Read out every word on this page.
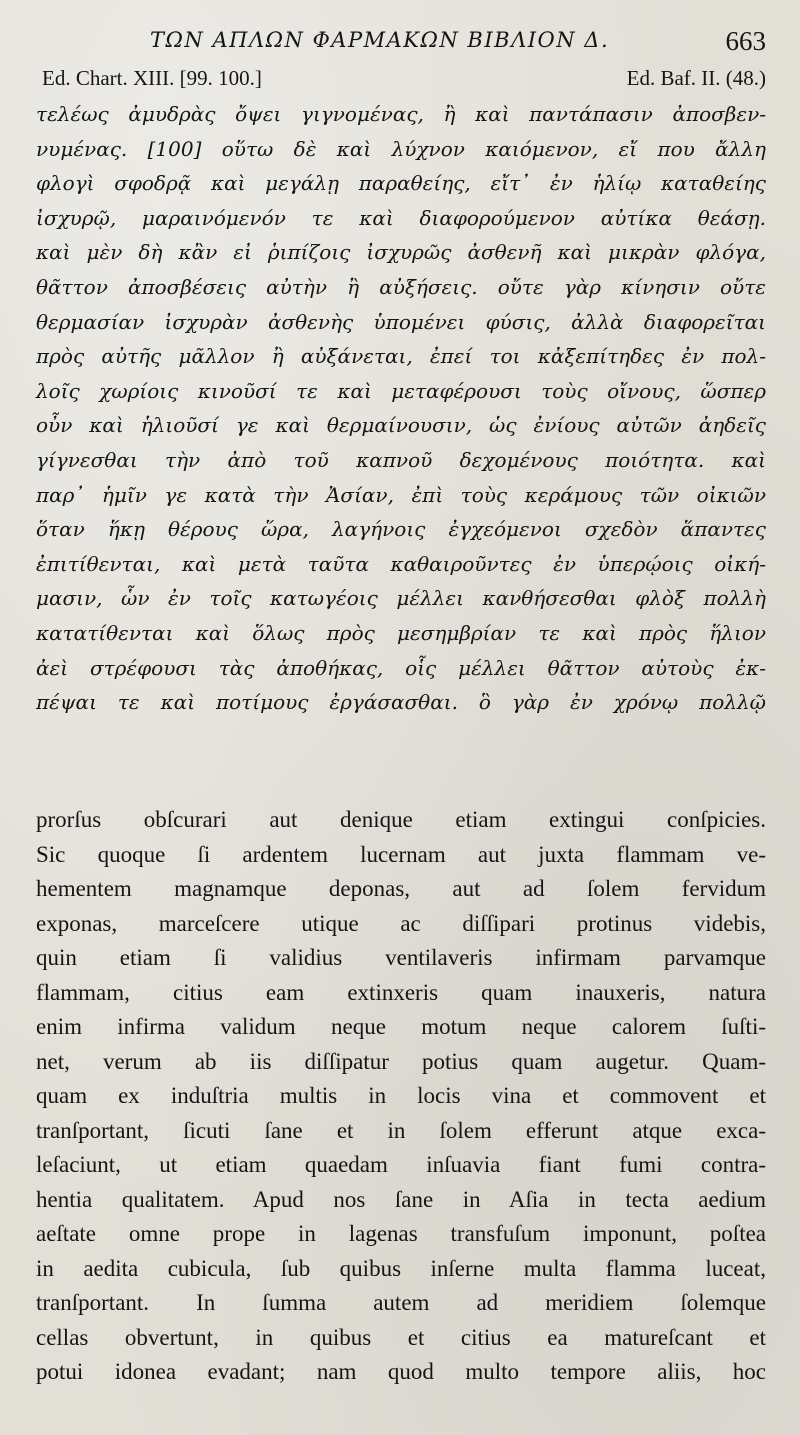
ΤΩΝ ΑΠΛΩΝ ΦΑΡΜΑΚΩΝ ΒΙΒΛΙΟΝ Δ.	663
Ed. Chart. XIII. [99. 100.]	Ed. Baf. II. (48.)
τελέως ἀμυδρὰς ὄψει γιγνομένας, ἢ καὶ παντάπασιν ἀποσβεν-
νυμένας. [100] οὕτω δὲ καὶ λύχνον καιόμενον, εἴ που ἄλλη
φλογὶ σφοδρᾷ καὶ μεγάλῃ παραθείης, εἴτ᾽ ἐν ἡλίῳ καταθείης
ἰσχυρῷ, μαραινόμενόν τε καὶ διαφορούμενον αὐτίκα θεάσῃ.
καὶ μὲν δὴ κἂν εἰ ῥιπίζοις ἰσχυρῶς ἀσθενῆ καὶ μικρὰν φλόγα,
θᾶττον ἀποσβέσεις αὐτὴν ἢ αὐξήσεις. οὔτε γὰρ κίνησιν οὔτε
θερμασίαν ἰσχυρὰν ἀσθενὴς ὑπομένει φύσις, ἀλλὰ διαφορεῖται
πρὸς αὐτῆς μᾶλλον ἢ αὐξάνεται, ἐπεί τοι κἀξεπίτηδες ἐν πολ-
λοῖς χωρίοις κινοῦσί τε καὶ μεταφέρουσι τοὺς οἴνους, ὥσπερ
οὖν καὶ ἡλιοῦσί γε καὶ θερμαίνουσιν, ὡς ἐνίους αὐτῶν ἀηδεῖς
γίγνεσθαι τὴν ἀπὸ τοῦ καπνοῦ δεχομένους ποιότητα. καὶ
παρ᾽ ἡμῖν γε κατὰ τὴν Ἀσίαν, ἐπὶ τοὺς κεράμους τῶν οἰκιῶν
ὅταν ἥκῃ θέρους ὥρα, λαγήνοις ἐγχεόμενοι σχεδὸν ἅπαντες
ἐπιτίθενται, καὶ μετὰ ταῦτα καθαιροῦντες ἐν ὑπερῴοις οἰκή-
μασιν, ὧν ἐν τοῖς κατωγέοις μέλλει κανθήσεσθαι φλὸξ πολλὴ
κατατίθενται καὶ ὅλως πρὸς μεσημβρίαν τε καὶ πρὸς ἥλιον
ἀεὶ στρέφουσι τὰς ἀποθήκας, οἷς μέλλει θᾶττον αὐτοὺς ἐκ-
πέψαι τε καὶ ποτίμους ἐργάσασθαι. ὃ γὰρ ἐν χρόνῳ πολλῷ
prorſus obſcurari aut denique etiam extingui conſpicies.
Sic quoque ſi ardentem lucernam aut juxta flammam ve-
hementem magnamque deponas, aut ad ſolem fervidum
exponas, marceſcere utique ac diſſipari protinus videbis,
quin etiam ſi validius ventilaveris infirmam parvamque
flammam, citius eam extinxeris quam inauxeris, natura
enim infirma validum neque motum neque calorem ſuſti-
net, verum ab iis diſſipatur potius quam augetur. Quam-
quam ex induſtria multis in locis vina et commovent et
tranſportant, ſicuti ſane et in ſolem efferunt atque exca-
leſaciunt, ut etiam quaedam inſuavia fiant fumi contra-
hentia qualitatem. Apud nos ſane in Aſia in tecta aedium
aeſtate omne prope in lagenas transfuſum imponunt, poſtea
in aedita cubicula, ſub quibus inſerne multa flamma luceat,
tranſportant. In ſumma autem ad meridiem ſolemque
cellas obvertunt, in quibus et citius ea matureſcant et
potui idonea evadant; nam quod multo tempore aliis, hoc
